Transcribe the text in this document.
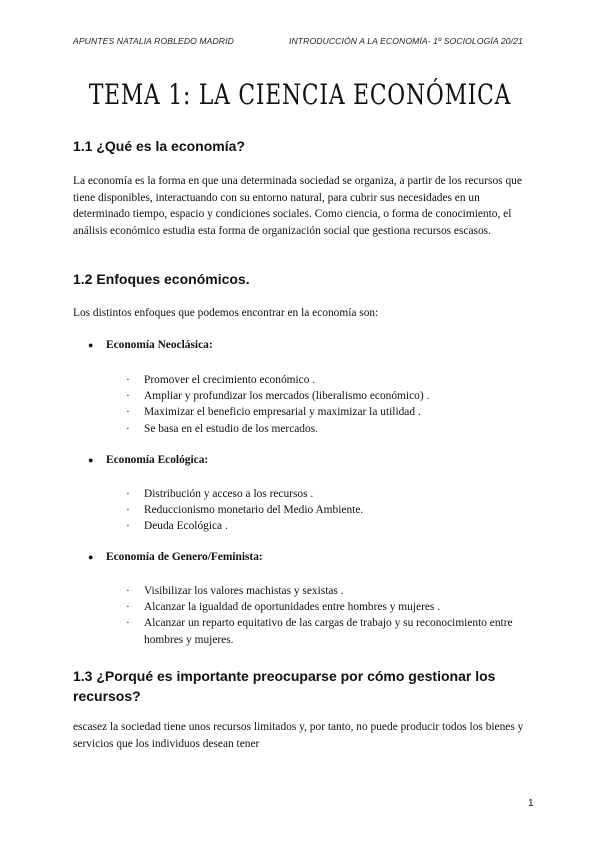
APUNTES NATALIA ROBLEDO MADRID	INTRODUCCIÓN A LA ECONOMÍA- 1º SOCIOLOGÍA 20/21
TEMA 1: LA CIENCIA ECONÓMICA
1.1 ¿Qué es la economía?
La economía es la forma en que una determinada sociedad se organiza, a partir de los recursos que tiene disponibles, interactuando con su entorno natural, para cubrir sus necesidades en un determinado tiempo, espacio y condiciones sociales. Como ciencia, o forma de conocimiento, el análisis económico estudia esta forma de organización social que gestiona recursos escasos.
1.2 Enfoques económicos.
Los distintos enfoques que podemos encontrar en la economía son:
● Economía Neoclásica:
· Promover el crecimiento económico .
· Ampliar y profundizar los mercados (liberalismo económico) .
· Maximizar el beneficio empresarial y maximizar la utilidad .
· Se basa en el estudio de los mercados.
● Economía Ecológica:
· Distribución y acceso a los recursos .
· Reduccionismo monetario del Medio Ambiente.
· Deuda Ecológica .
● Economía de Genero/Feminista:
· Visibilizar los valores machistas y sexistas .
· Alcanzar la igualdad de oportunidades entre hombres y mujeres .
· Alcanzar un reparto equitativo de las cargas de trabajo y su reconocimiento entre hombres y mujeres.
1.3 ¿Porqué es importante preocuparse por cómo gestionar los recursos?
escasez la sociedad tiene unos recursos limitados y, por tanto, no puede producir todos los bienes y servicios que los individuos desean tener
1
